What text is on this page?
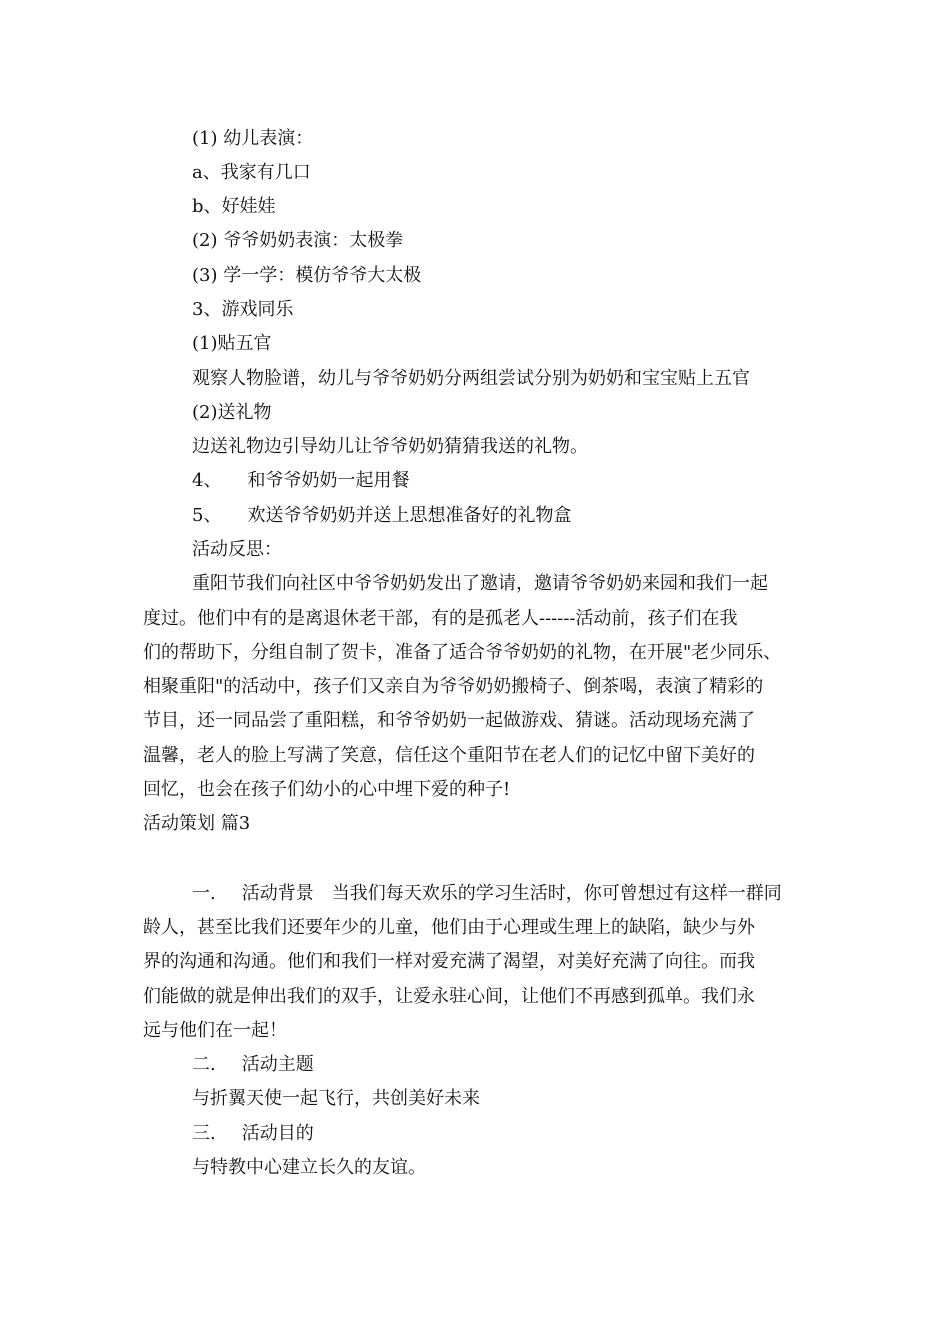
(1) 幼儿表演：
a、我家有几口
b、好娃娃
(2) 爷爷奶奶表演：太极拳
(3) 学一学：模仿爷爷大太极
3、游戏同乐
(1)贴五官
观察人物脸谱，幼儿与爷爷奶奶分两组尝试分别为奶奶和宝宝贴上五官
(2)送礼物
边送礼物边引导幼儿让爷爷奶奶猜猜我送的礼物。
4、 和爷爷奶奶一起用餐
5、 欢送爷爷奶奶并送上思想准备好的礼物盒
活动反思：
重阳节我们向社区中爷爷奶奶发出了邀请，邀请爷爷奶奶来园和我们一起
度过。他们中有的是离退休老干部，有的是孤老人------活动前，孩子们在我
们的帮助下，分组自制了贺卡，准备了适合爷爷奶奶的礼物，在开展"老少同乐、
相聚重阳"的活动中，孩子们又亲自为爷爷奶奶搬椅子、倒茶喝，表演了精彩的
节目，还一同品尝了重阳糕，和爷爷奶奶一起做游戏、猜谜。活动现场充满了
温馨，老人的脸上写满了笑意，信任这个重阳节在老人们的记忆中留下美好的
回忆，也会在孩子们幼小的心中埋下爱的种子!
活动策划 篇3
一. 活动背景 当我们每天欢乐的学习生活时，你可曾想过有这样一群同
龄人，甚至比我们还要年少的儿童，他们由于心理或生理上的缺陷，缺少与外
界的沟通和沟通。他们和我们一样对爱充满了渴望，对美好充满了向往。而我
们能做的就是伸出我们的双手，让爱永驻心间，让他们不再感到孤单。我们永
远与他们在一起！
二. 活动主题
与折翼天使一起飞行，共创美好未来
三. 活动目的
与特教中心建立长久的友谊。
